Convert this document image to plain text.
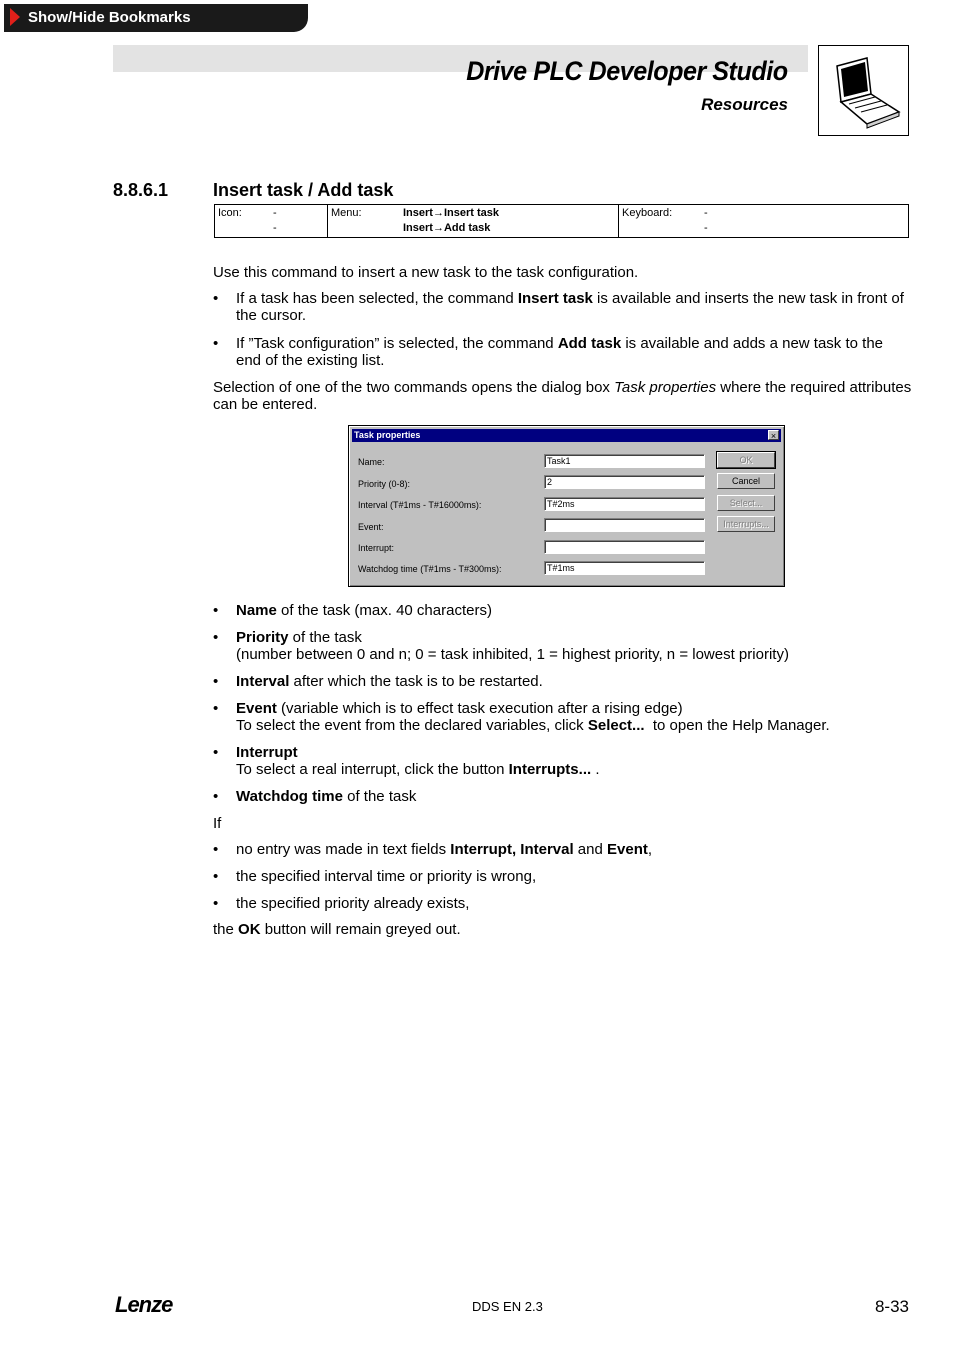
Show/Hide Bookmarks
Drive PLC Developer Studio
Resources
8.8.6.1 Insert task / Add task
Icon:	-
-
Menu:	Insert→Insert task
Insert→Add task
Keyboard:	-
-
Use this command to insert a new task to the task configuration.
• If a task has been selected, the command Insert task is available and inserts the new task in front of the cursor.
• If ”Task configuration” is selected, the command Add task is available and adds a new task to the end of the existing list.
Selection of one of the two commands opens the dialog box Task properties where the required attributes can be entered.
Task properties	×
Name:	Task1
Priority (0-8):	2
Interval (T#1ms - T#16000ms):	T#2ms
Event:
Interrupt:
Watchdog time (T#1ms - T#300ms):	T#1ms
OK
Cancel
Select...
Interrupts...
• Name of the task (max. 40 characters)
• Priority of the task
(number between 0 and n; 0 = task inhibited, 1 = highest priority, n = lowest priority)
• Interval after which the task is to be restarted.
• Event (variable which is to effect task execution after a rising edge)
To select the event from the declared variables, click Select...  to open the Help Manager.
• Interrupt
To select a real interrupt, click the button Interrupts... .
• Watchdog time of the task
If
• no entry was made in text fields Interrupt, Interval and Event,
• the specified interval time or priority is wrong,
• the specified priority already exists,
the OK button will remain greyed out.
Lenze	DDS EN 2.3	8-33
